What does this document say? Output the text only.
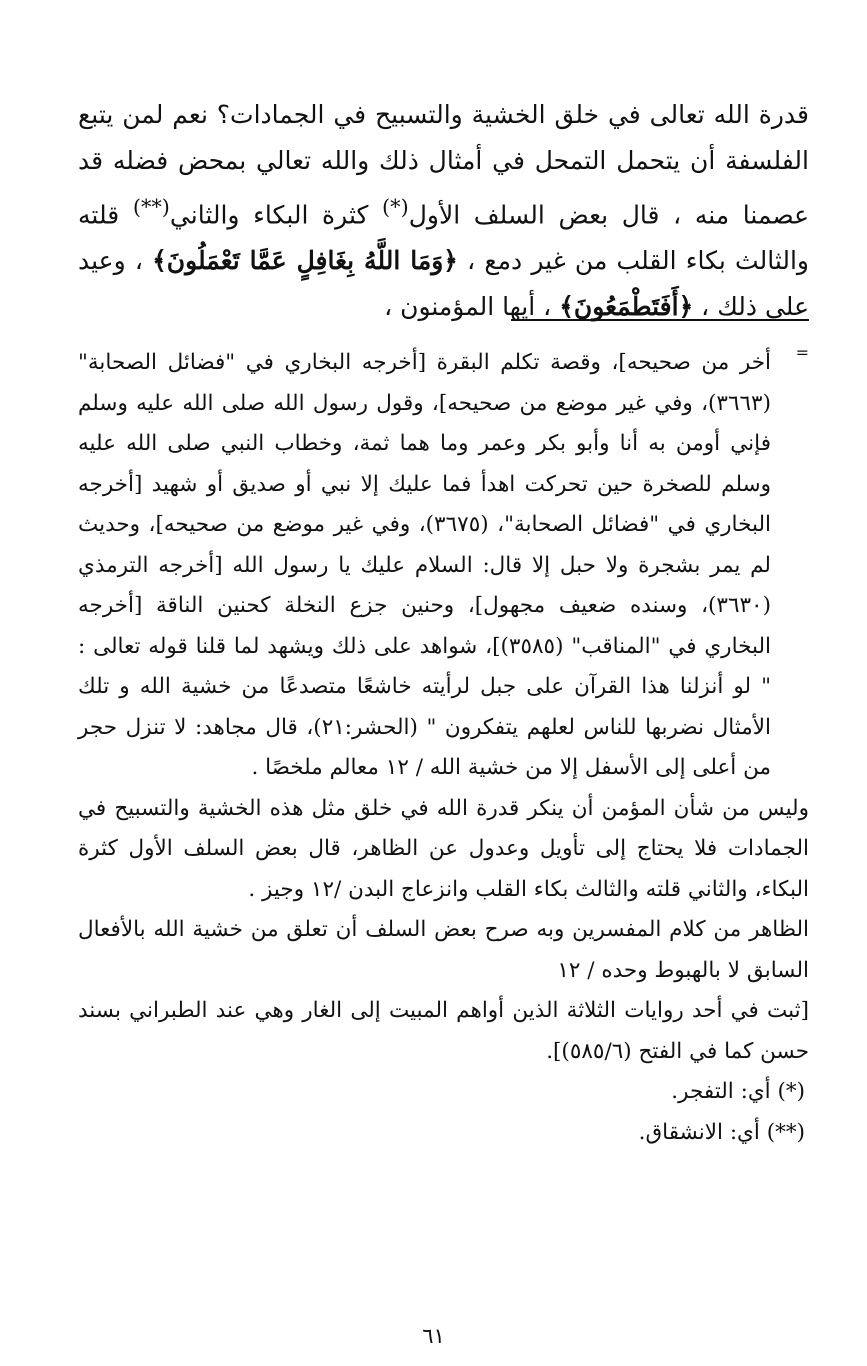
قدرة الله تعالى في خلق الخشية والتسبيح في الجمادات؟ نعم لمن يتبع الفلسفة أن يتحمل التمحل في أمثال ذلك والله تعالي بمحض فضله قد عصمنا منه ، قال بعض السلف الأول(*) كثرة البكاء والثاني(**) قلته والثالث بكاء القلب من غير دمع ، ﴿وَمَا اللَّهُ بِغَافِلٍ عَمَّا تَعْمَلُونَ﴾ ، وعيد على ذلك ، ﴿أَفَتَطْمَعُونَ﴾ ، أيها المؤمنون ،

=

أخر من صحيحه]، وقصة تكلم البقرة [أخرجه البخاري في "فضائل الصحابة" (٣٦٦٣)، وفي غير موضع من صحيحه]، وقول رسول الله صلى الله عليه وسلم فإني أومن به أنا وأبو بكر وعمر وما هما ثمة، وخطاب النبي صلى الله عليه وسلم للصخرة حين تحركت اهدأ فما عليك إلا نبي أو صديق أو شهيد [أخرجه البخاري في "فضائل الصحابة"، (٣٦٧٥)، وفي غير موضع من صحيحه]، وحديث لم يمر بشجرة ولا حبل إلا قال: السلام عليك يا رسول الله [أخرجه الترمذي (٣٦٣٠)، وسنده ضعيف مجهول]، وحنين جزع النخلة كحنين الناقة [أخرجه البخاري في "المناقب" (٣٥٨٥)]، شواهد على ذلك ويشهد لما قلنا قوله تعالى : " لو أنزلنا هذا القرآن على جبل لرأيته خاشعًا متصدعًا من خشية الله و تلك الأمثال نضربها للناس لعلهم يتفكرون " (الحشر:٢١)، قال مجاهد: لا تنزل حجر من أعلى إلى الأسفل إلا من خشية الله / ١٢ معالم ملخصًا .

وليس من شأن المؤمن أن ينكر قدرة الله في خلق مثل هذه الخشية والتسبيح في الجمادات فلا يحتاج إلى تأويل وعدول عن الظاهر، قال بعض السلف الأول كثرة البكاء، والثاني قلته والثالث بكاء القلب وانزعاج البدن /١٢ وجيز .

الظاهر من كلام المفسرين وبه صرح بعض السلف أن تعلق من خشية الله بالأفعال السابق لا بالهبوط وحده / ١٢

[ثبت في أحد روايات الثلاثة الذين أواهم المبيت إلى الغار وهي عند الطبراني بسند حسن كما في الفتح (٥٨٥/٦)].

(*) أي: التفجر.

(**) أي: الانشقاق.

٦١
